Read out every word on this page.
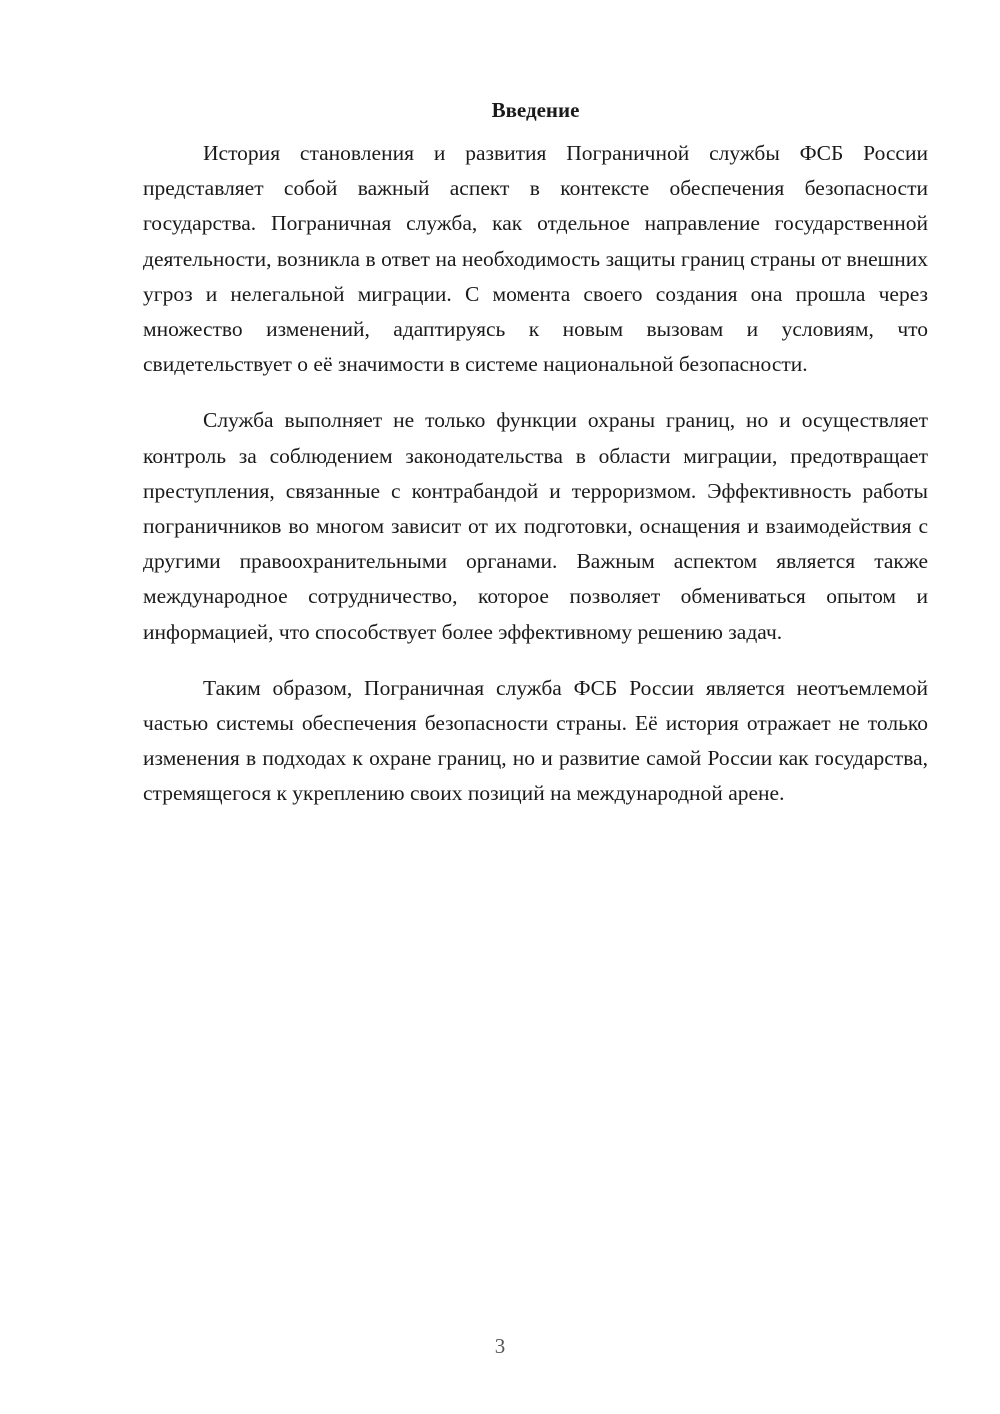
Введение

История становления и развития Пограничной службы ФСБ России представляет собой важный аспект в контексте обеспечения безопасности государства. Пограничная служба, как отдельное направление государственной деятельности, возникла в ответ на необходимость защиты границ страны от внешних угроз и нелегальной миграции. С момента своего создания она прошла через множество изменений, адаптируясь к новым вызовам и условиям, что свидетельствует о её значимости в системе национальной безопасности.

Служба выполняет не только функции охраны границ, но и осуществляет контроль за соблюдением законодательства в области миграции, предотвращает преступления, связанные с контрабандой и терроризмом. Эффективность работы пограничников во многом зависит от их подготовки, оснащения и взаимодействия с другими правоохранительными органами. Важным аспектом является также международное сотрудничество, которое позволяет обмениваться опытом и информацией, что способствует более эффективному решению задач.

Таким образом, Пограничная служба ФСБ России является неотъемлемой частью системы обеспечения безопасности страны. Её история отражает не только изменения в подходах к охране границ, но и развитие самой России как государства, стремящегося к укреплению своих позиций на международной арене.

3
